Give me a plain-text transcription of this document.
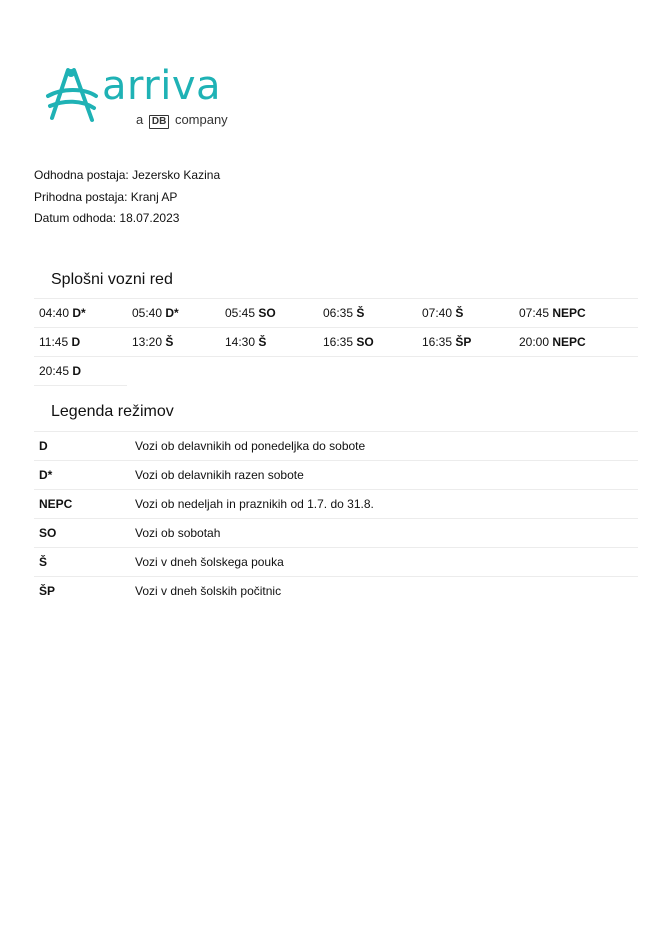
arriva
a DB company
Odhodna postaja: Jezersko Kazina
Prihodna postaja: Kranj AP
Datum odhoda: 18.07.2023
Splošni vozni red
04:40 D*	05:40 D*	05:45 SO	06:35 Š	07:40 Š	07:45 NEPC
11:45 D	13:20 Š	14:30 Š	16:35 SO	16:35 ŠP	20:00 NEPC
20:45 D
Legenda režimov
D	Vozi ob delavnikih od ponedeljka do sobote
D*	Vozi ob delavnikih razen sobote
NEPC	Vozi ob nedeljah in praznikih od 1.7. do 31.8.
SO	Vozi ob sobotah
Š	Vozi v dneh šolskega pouka
ŠP	Vozi v dneh šolskih počitnic
